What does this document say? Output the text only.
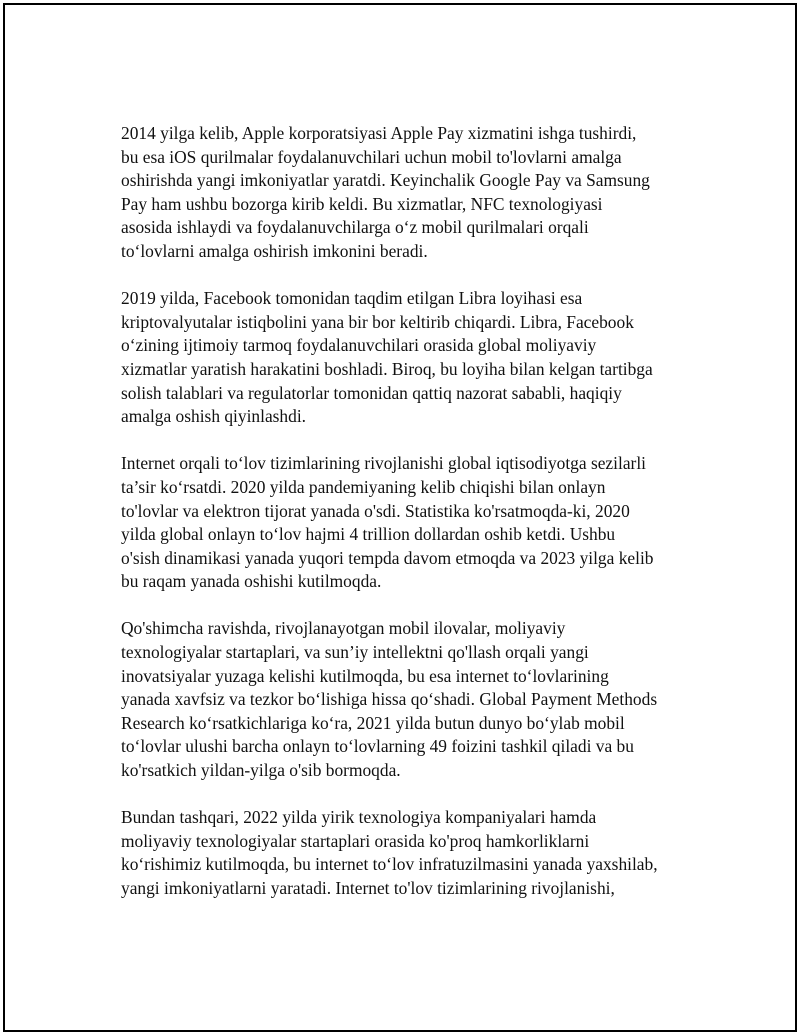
2014 yilga kelib, Apple korporatsiyasi Apple Pay xizmatini ishga tushirdi,
bu esa iOS qurilmalar foydalanuvchilari uchun mobil to'lovlarni amalga
oshirishda yangi imkoniyatlar yaratdi. Keyinchalik Google Pay va Samsung
Pay ham ushbu bozorga kirib keldi. Bu xizmatlar, NFC texnologiyasi
asosida ishlaydi va foydalanuvchilarga o‘z mobil qurilmalari orqali
to‘lovlarni amalga oshirish imkonini beradi.

2019 yilda, Facebook tomonidan taqdim etilgan Libra loyihasi esa
kriptovalyutalar istiqbolini yana bir bor keltirib chiqardi. Libra, Facebook
o‘zining ijtimoiy tarmoq foydalanuvchilari orasida global moliyaviy
xizmatlar yaratish harakatini boshladi. Biroq, bu loyiha bilan kelgan tartibga
solish talablari va regulatorlar tomonidan qattiq nazorat sababli, haqiqiy
amalga oshish qiyinlashdi.

Internet orqali to‘lov tizimlarining rivojlanishi global iqtisodiyotga sezilarli
ta’sir ko‘rsatdi. 2020 yilda pandemiyaning kelib chiqishi bilan onlayn
to'lovlar va elektron tijorat yanada o'sdi. Statistika ko'rsatmoqda-ki, 2020
yilda global onlayn to‘lov hajmi 4 trillion dollardan oshib ketdi. Ushbu
o'sish dinamikasi yanada yuqori tempda davom etmoqda va 2023 yilga kelib
bu raqam yanada oshishi kutilmoqda.

Qo'shimcha ravishda, rivojlanayotgan mobil ilovalar, moliyaviy
texnologiyalar startaplari, va sun’iy intellektni qo'llash orqali yangi
inovatsiyalar yuzaga kelishi kutilmoqda, bu esa internet to‘lovlarining
yanada xavfsiz va tezkor bo‘lishiga hissa qo‘shadi. Global Payment Methods
Research ko‘rsatkichlariga ko‘ra, 2021 yilda butun dunyo bo‘ylab mobil
to‘lovlar ulushi barcha onlayn to‘lovlarning 49 foizini tashkil qiladi va bu
ko'rsatkich yildan-yilga o'sib bormoqda.

Bundan tashqari, 2022 yilda yirik texnologiya kompaniyalari hamda
moliyaviy texnologiyalar startaplari orasida ko'proq hamkorliklarni
ko‘rishimiz kutilmoqda, bu internet to‘lov infratuzilmasini yanada yaxshilab,
yangi imkoniyatlarni yaratadi. Internet to'lov tizimlarining rivojlanishi,
